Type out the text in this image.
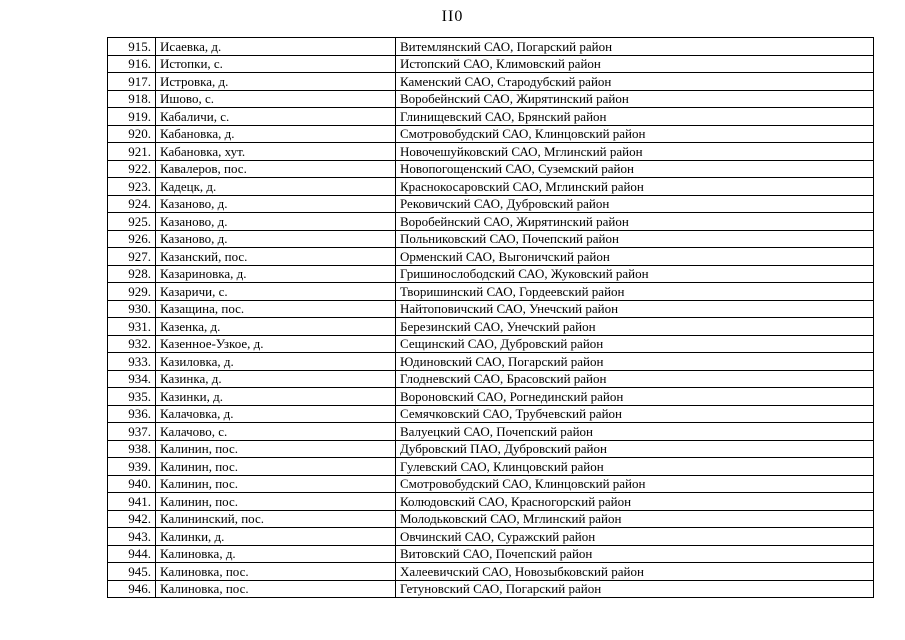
II0
915.	Исаевка, д.	Витемлянский САО, Погарский район
916.	Истопки, с.	Истопский САО, Климовский район
917.	Истровка, д.	Каменский САО, Стародубский район
918.	Ишово, с.	Воробейнский САО, Жирятинский район
919.	Кабаличи, с.	Глинищевский САО, Брянский район
920.	Кабановка, д.	Смотровобудский САО, Клинцовский район
921.	Кабановка, хут.	Новочешуйковский САО, Мглинский район
922.	Кавалеров, пос.	Новопогощенский САО, Суземский район
923.	Кадецк, д.	Краснокосаровский САО, Мглинский район
924.	Казаново, д.	Рековичский САО, Дубровский район
925.	Казаново, д.	Воробейнский САО, Жирятинский район
926.	Казаново, д.	Польниковский САО, Почепский район
927.	Казанский, пос.	Орменский САО, Выгоничский район
928.	Казариновка, д.	Гришинослободский САО, Жуковский район
929.	Казаричи, с.	Творишинский САО, Гордеевский район
930.	Казащина, пос.	Найтоповичский САО, Унечский район
931.	Казенка, д.	Березинский САО, Унечский район
932.	Казенное-Узкое, д.	Сещинский САО, Дубровский район
933.	Казиловка, д.	Юдиновский САО, Погарский район
934.	Казинка, д.	Глодневский САО, Брасовский район
935.	Казинки, д.	Вороновский САО, Рогнединский район
936.	Калачовка, д.	Семячковский САО, Трубчевский район
937.	Калачово, с.	Валуецкий САО, Почепский район
938.	Калинин, пос.	Дубровский ПАО, Дубровский район
939.	Калинин, пос.	Гулевский САО, Клинцовский район
940.	Калинин, пос.	Смотровобудский САО, Клинцовский район
941.	Калинин, пос.	Колюдовский САО, Красногорский район
942.	Калининский, пос.	Молодьковский САО, Мглинский район
943.	Калинки, д.	Овчинский САО, Суражский район
944.	Калиновка, д.	Витовский САО, Почепский район
945.	Калиновка, пос.	Халеевичский САО, Новозыбковский район
946.	Калиновка, пос.	Гетуновский САО, Погарский район
